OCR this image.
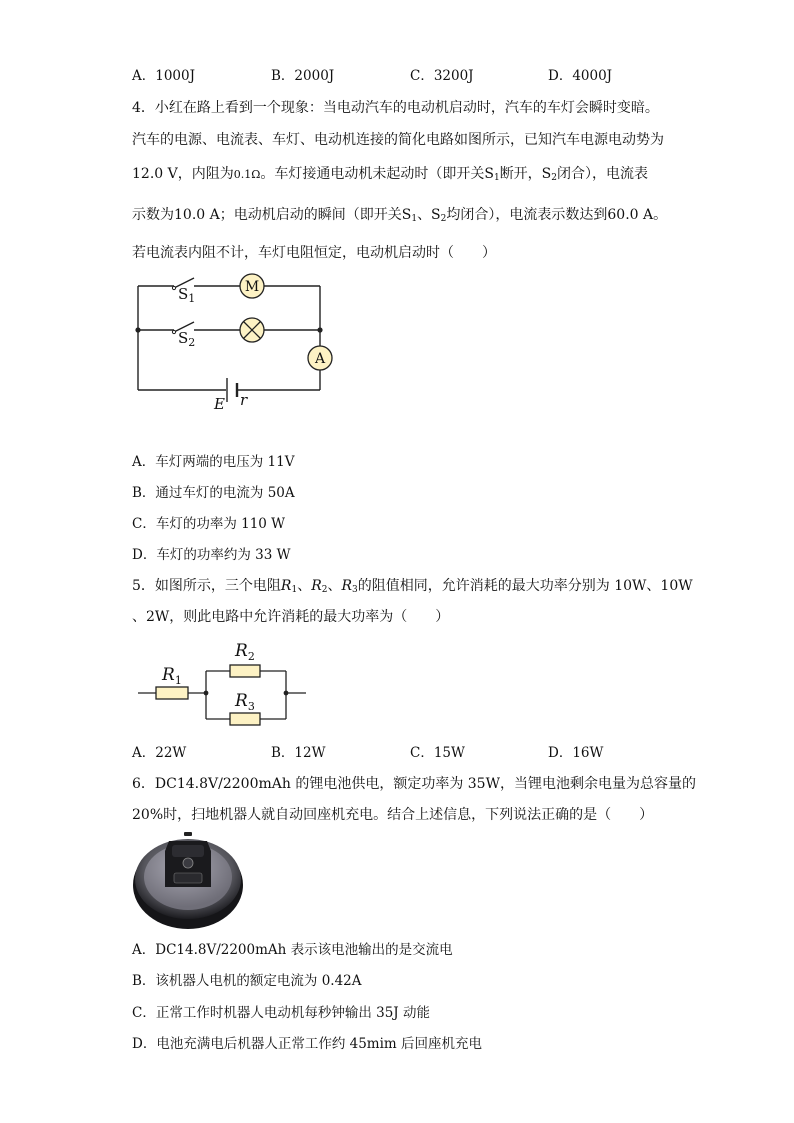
A．1000J	B．2000J	C．3200J	D．4000J
4．小红在路上看到一个现象：当电动汽车的电动机启动时，汽车的车灯会瞬时变暗。
汽车的电源、电流表、车灯、电动机连接的简化电路如图所示，已知汽车电源电动势为
12.0 V，内阻为0.1Ω。车灯接通电动机未起动时（即开关$S_1$断开，$S_2$闭合），电流表
示数为10.0 A；电动机启动的瞬间（即开关$S_1$、$S_2$均闭合），电流表示数达到60.0 A。
若电流表内阻不计，车灯电阻恒定，电动机启动时（　　）
M
A
$S_1$
$S_2$
E r
A．车灯两端的电压为 11V
B．通过车灯的电流为 50A
C．车灯的功率为 110 W
D．车灯的功率约为 33 W
5．如图所示，三个电阻$R_1$、$R_2$、$R_3$的阻值相同，允许消耗的最大功率分别为 10W、10W
、2W，则此电路中允许消耗的最大功率为（　　）
$R_1$
$R_2$
$R_3$
A．22W	B．12W	C．15W	D．16W
6．DC14.8V/2200mAh 的锂电池供电，额定功率为 35W，当锂电池剩余电量为总容量的
20%时，扫地机器人就自动回座机充电。结合上述信息，下列说法正确的是（　　）
A．DC14.8V/2200mAh 表示该电池输出的是交流电
B．该机器人电机的额定电流为 0.42A
C．正常工作时机器人电动机每秒钟输出 35J 动能
D．电池充满电后机器人正常工作约 45mim 后回座机充电
